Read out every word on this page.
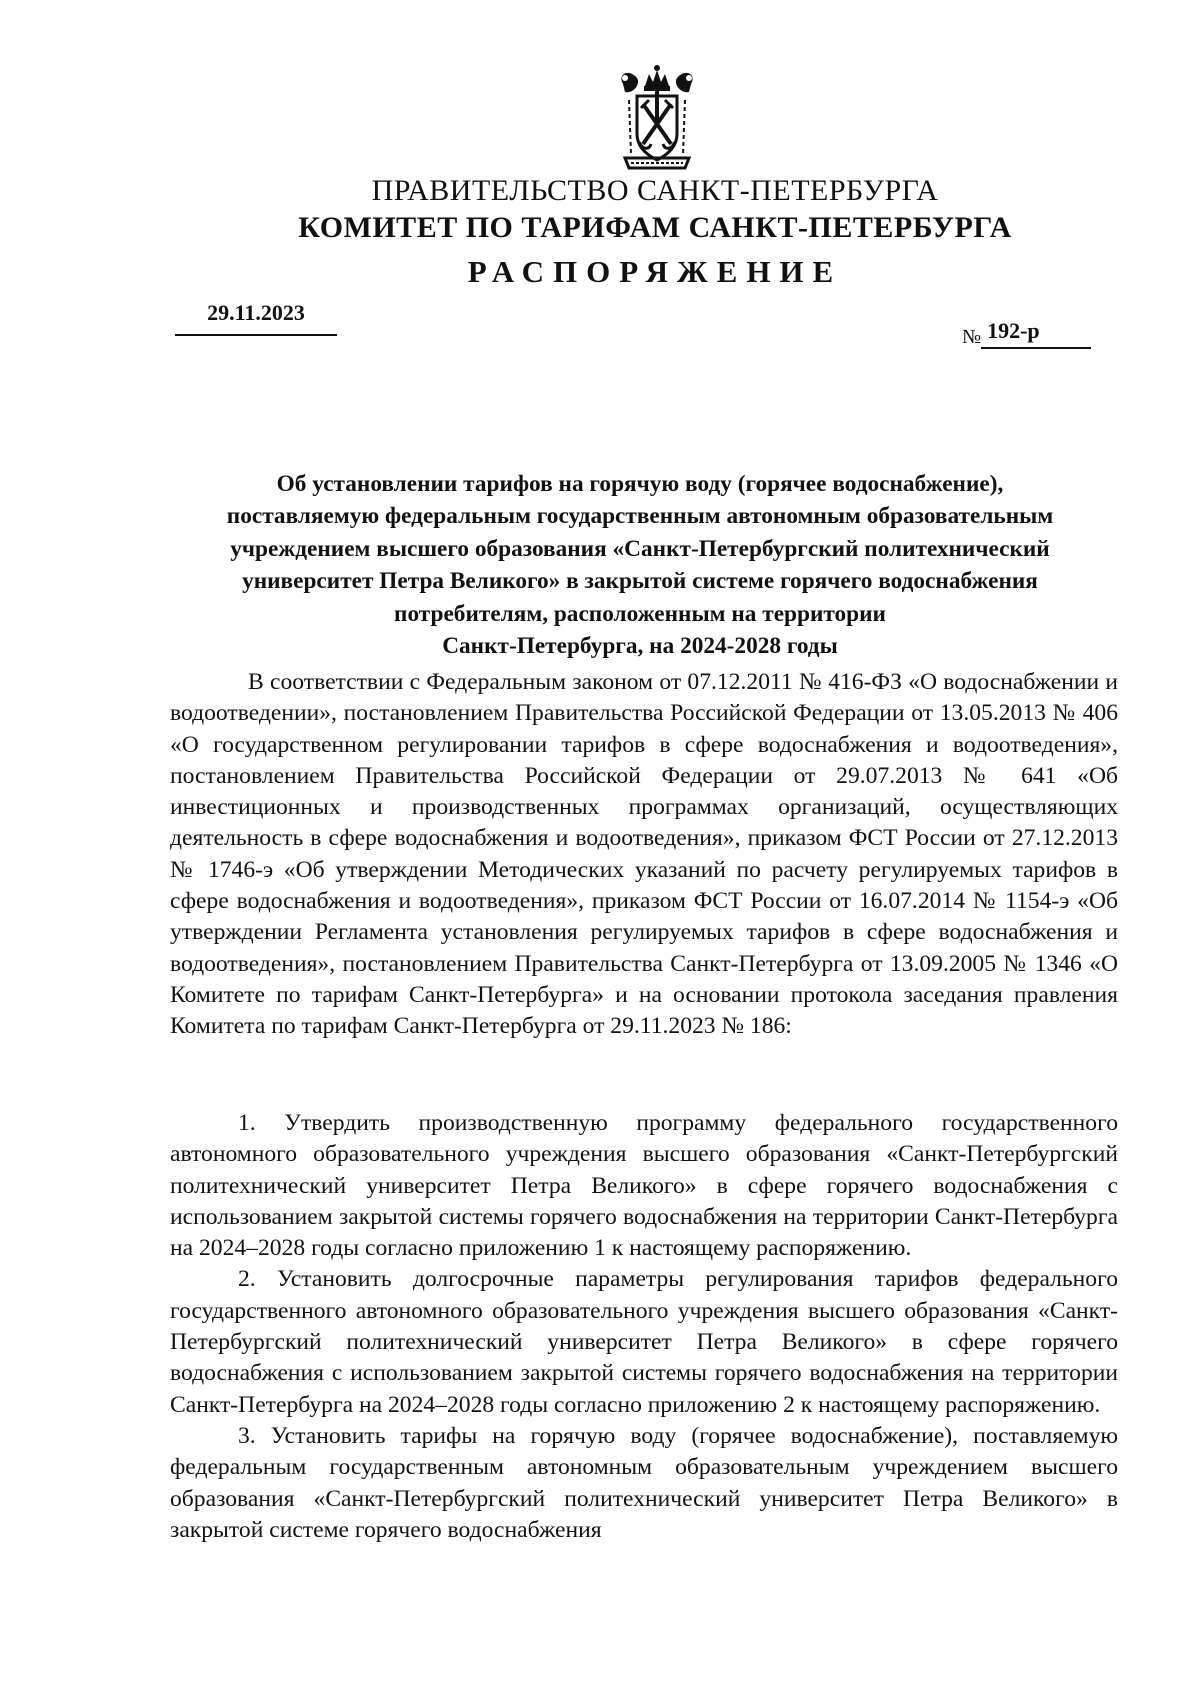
ПРАВИТЕЛЬСТВО САНКТ-ПЕТЕРБУРГА
КОМИТЕТ ПО ТАРИФАМ САНКТ-ПЕТЕРБУРГА
РАСПОРЯЖЕНИЕ
29.11.2023
№ 192-р
Об установлении тарифов на горячую воду (горячее водоснабжение),
поставляемую федеральным государственным автономным образовательным
учреждением высшего образования «Санкт-Петербургский политехнический
университет Петра Великого» в закрытой системе горячего водоснабжения
потребителям, расположенным на территории
Санкт-Петербурга, на 2024-2028 годы

В соответствии с Федеральным законом от 07.12.2011 № 416-ФЗ «О водоснабжении и водоотведении», постановлением Правительства Российской Федерации от 13.05.2013 № 406 «О государственном регулировании тарифов в сфере водоснабжения и водоотведения», постановлением Правительства Российской Федерации от 29.07.2013 № 641 «Об инвестиционных и производственных программах организаций, осуществляющих деятельность в сфере водоснабжения и водоотведения», приказом ФСТ России от 27.12.2013 № 1746-э «Об утверждении Методических указаний по расчету регулируемых тарифов в сфере водоснабжения и водоотведения», приказом ФСТ России от 16.07.2014 № 1154-э «Об утверждении Регламента установления регулируемых тарифов в сфере водоснабжения и водоотведения», постановлением Правительства Санкт-Петербурга от 13.09.2005 № 1346 «О Комитете по тарифам Санкт-Петербурга» и на основании протокола заседания правления Комитета по тарифам Санкт-Петербурга от 29.11.2023 № 186:

1. Утвердить производственную программу федерального государственного автономного образовательного учреждения высшего образования «Санкт-Петербургский политехнический университет Петра Великого» в сфере горячего водоснабжения с использованием закрытой системы горячего водоснабжения на территории Санкт-Петербурга на 2024–2028 годы согласно приложению 1 к настоящему распоряжению.

2. Установить долгосрочные параметры регулирования тарифов федерального государственного автономного образовательного учреждения высшего образования «Санкт-Петербургский политехнический университет Петра Великого» в сфере горячего водоснабжения с использованием закрытой системы горячего водоснабжения на территории Санкт-Петербурга на 2024–2028 годы согласно приложению 2 к настоящему распоряжению.

3. Установить тарифы на горячую воду (горячее водоснабжение), поставляемую федеральным государственным автономным образовательным учреждением высшего образования «Санкт-Петербургский политехнический университет Петра Великого» в закрытой системе горячего водоснабжения
